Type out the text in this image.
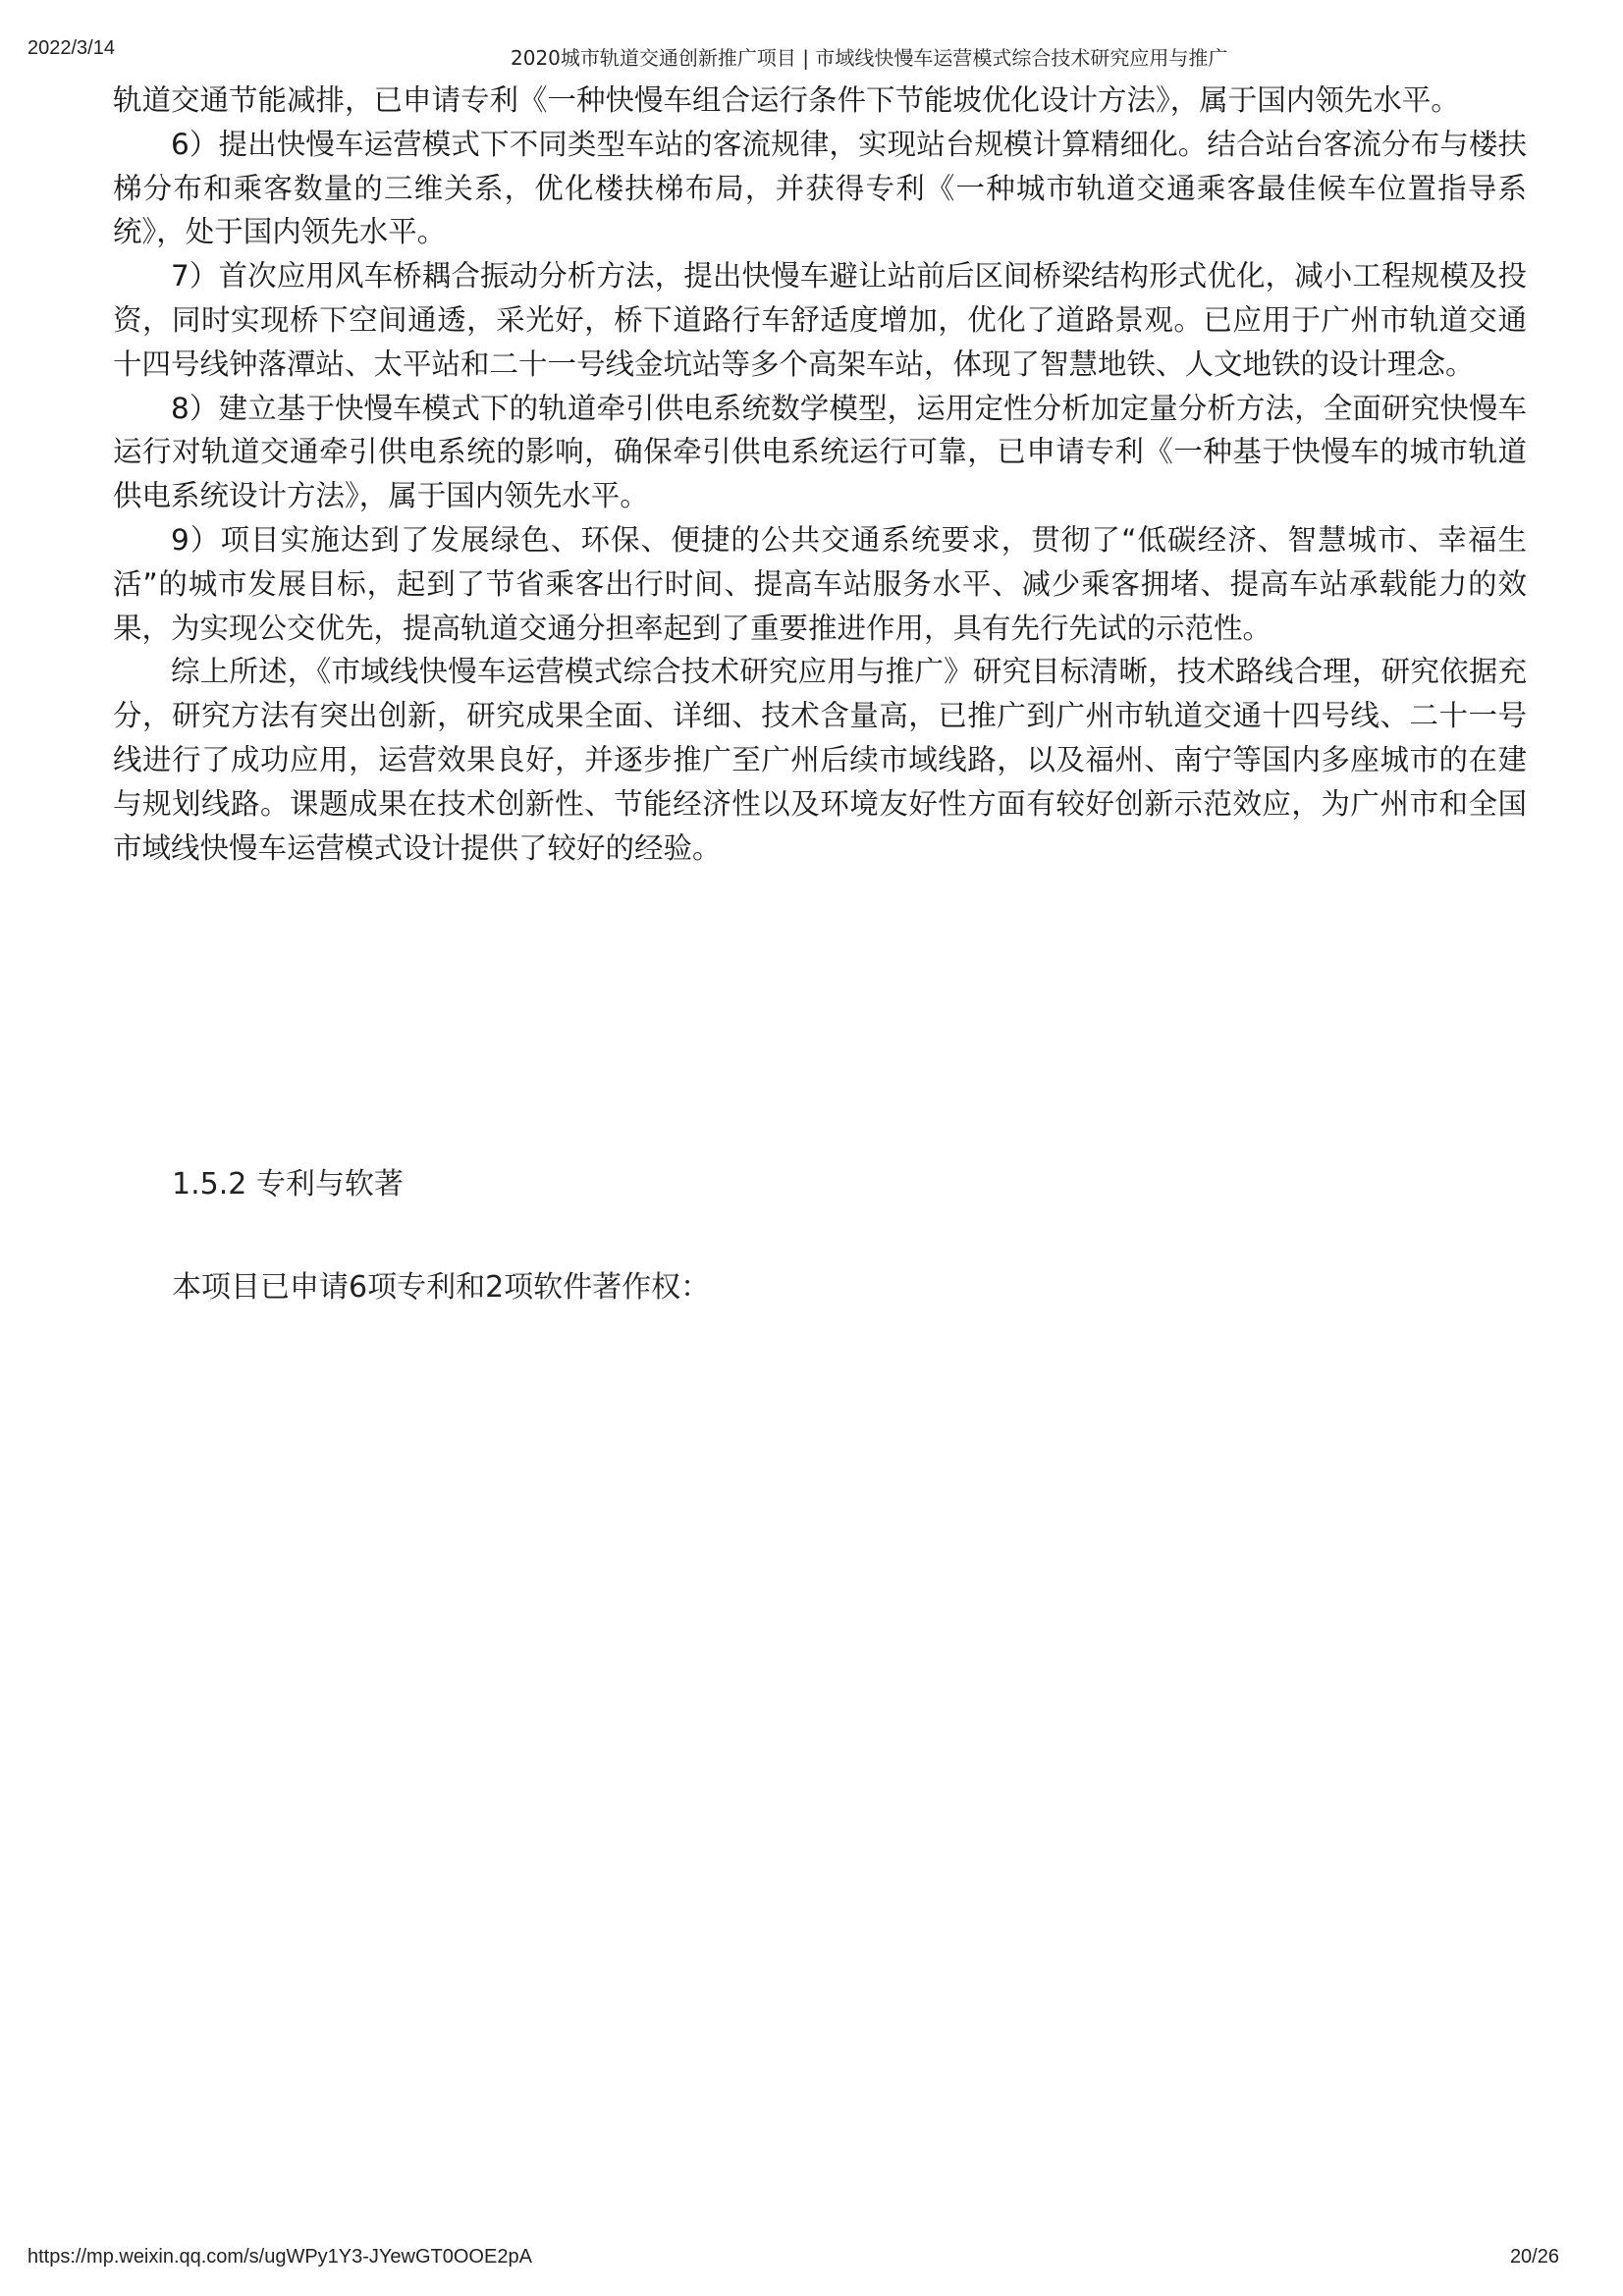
2022/3/14	2020城市轨道交通创新推广项目 | 市域线快慢车运营模式综合技术研究应用与推广

轨道交通节能减排，已申请专利《一种快慢车组合运行条件下节能坡优化设计方法》，属于国内领先水平。

6）提出快慢车运营模式下不同类型车站的客流规律，实现站台规模计算精细化。结合站台客流分布与楼扶梯分布和乘客数量的三维关系，优化楼扶梯布局，并获得专利《一种城市轨道交通乘客最佳候车位置指导系统》，处于国内领先水平。

7）首次应用风车桥耦合振动分析方法，提出快慢车避让站前后区间桥梁结构形式优化，减小工程规模及投资，同时实现桥下空间通透，采光好，桥下道路行车舒适度增加，优化了道路景观。已应用于广州市轨道交通十四号线钟落潭站、太平站和二十一号线金坑站等多个高架车站，体现了智慧地铁、人文地铁的设计理念。

8）建立基于快慢车模式下的轨道牵引供电系统数学模型，运用定性分析加定量分析方法，全面研究快慢车运行对轨道交通牵引供电系统的影响，确保牵引供电系统运行可靠，已申请专利《一种基于快慢车的城市轨道供电系统设计方法》，属于国内领先水平。

9）项目实施达到了发展绿色、环保、便捷的公共交通系统要求，贯彻了“低碳经济、智慧城市、幸福生活”的城市发展目标，起到了节省乘客出行时间、提高车站服务水平、减少乘客拥堵、提高车站承载能力的效果，为实现公交优先，提高轨道交通分担率起到了重要推进作用，具有先行先试的示范性。

综上所述，《市域线快慢车运营模式综合技术研究应用与推广》研究目标清晰，技术路线合理，研究依据充分，研究方法有突出创新，研究成果全面、详细、技术含量高，已推广到广州市轨道交通十四号线、二十一号线进行了成功应用，运营效果良好，并逐步推广至广州后续市域线路，以及福州、南宁等国内多座城市的在建与规划线路。课题成果在技术创新性、节能经济性以及环境友好性方面有较好创新示范效应，为广州市和全国市域线快慢车运营模式设计提供了较好的经验。

1.5.2 专利与软著
本项目已申请6项专利和2项软件著作权：
https://mp.weixin.qq.com/s/ugWPy1Y3-JYewGT0OOE2pA	20/26
